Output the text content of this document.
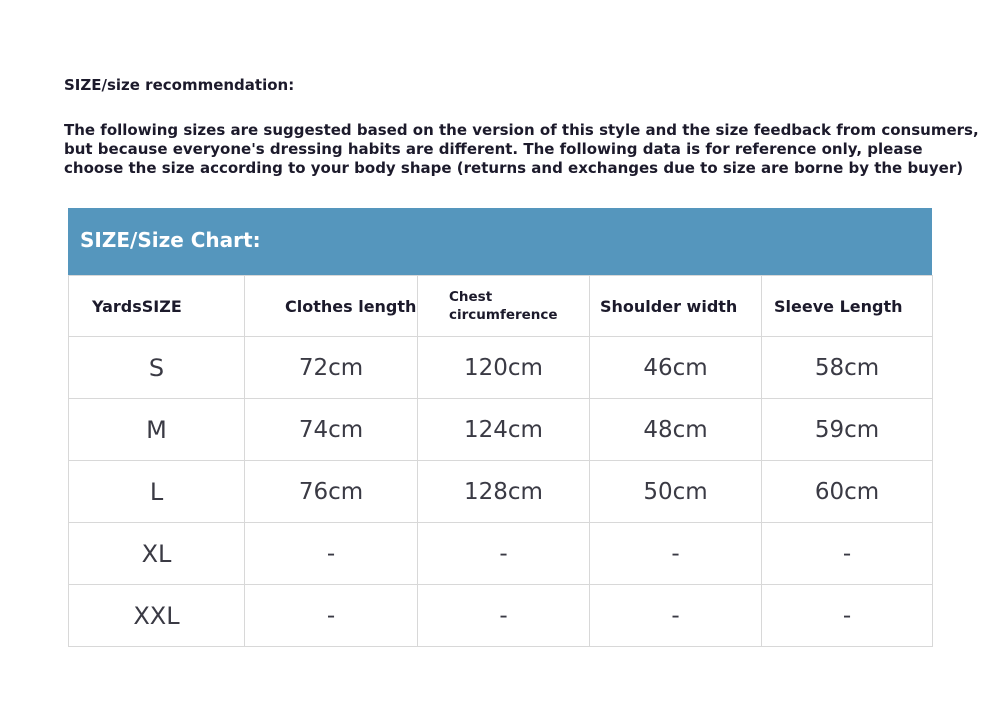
SIZE/size recommendation:
The following sizes are suggested based on the version of this style and the size feedback from consumers,
but because everyone's dressing habits are different. The following data is for reference only, please
choose the size according to your body shape (returns and exchanges due to size are borne by the buyer)
SIZE/Size Chart:
YardsSIZE	Clothes length	Chest circumference	Shoulder width	Sleeve Length
S	72cm	120cm	46cm	58cm
M	74cm	124cm	48cm	59cm
L	76cm	128cm	50cm	60cm
XL	-	-	-	-
XXL	-	-	-	-
